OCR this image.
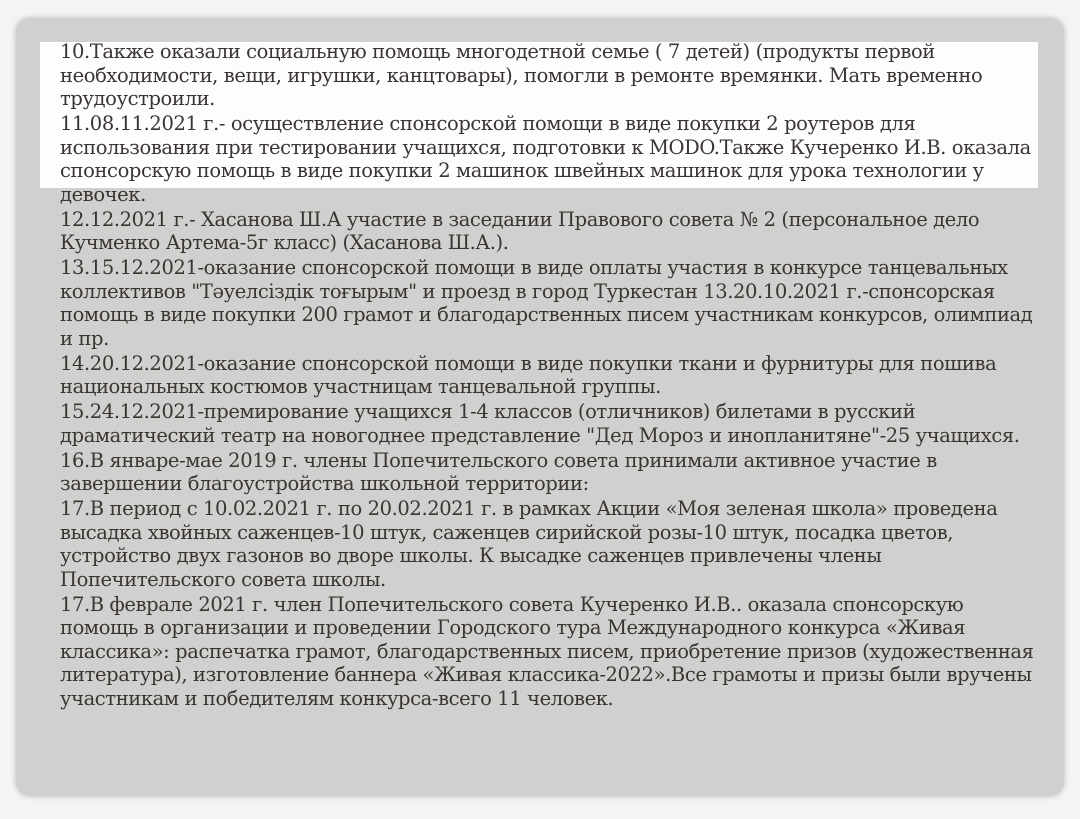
10.Также оказали социальную помощь многодетной семье ( 7 детей) (продукты первой необходимости, вещи, игрушки, канцтовары), помогли в ремонте времянки. Мать временно трудоустроили.

11.08.11.2021 г.- осуществление спонсорской помощи в виде покупки 2 роутеров для использования при тестировании учащихся, подготовки к МОDO.Также Кучеренко И.В. оказала спонсорскую помощь в виде покупки 2 машинок швейных машинок для урока технологии у девочек.

12.12.2021 г.- Хасанова Ш.А участие в заседании Правового совета № 2 (персональное дело Кучменко Артема-5г класс) (Хасанова Ш.А.).

13.15.12.2021-оказание спонсорской помощи в виде оплаты участия в конкурсе танцевальных коллективов "Тәуелсіздік тоғырым" и проезд в город Туркестан 13.20.10.2021 г.-спонсорская помощь в виде покупки 200 грамот и благодарственных писем участникам конкурсов, олимпиад и пр.

14.20.12.2021-оказание спонсорской помощи в виде покупки ткани и фурнитуры для пошива национальных костюмов участницам танцевальной группы.

15.24.12.2021-премирование учащихся 1-4 классов (отличников) билетами в русский драматический театр на новогоднее представление "Дед Мороз и инопланитяне"-25 учащихся.

16.В январе-мае 2019 г. члены Попечительского совета принимали активное участие в завершении благоустройства школьной территории:

17.В период с 10.02.2021 г. по 20.02.2021 г. в рамках Акции «Моя зеленая школа» проведена высадка хвойных саженцев-10 штук, саженцев сирийской розы-10 штук, посадка цветов, устройство двух газонов во дворе школы. К высадке саженцев привлечены члены Попечительского совета школы.

17.В феврале 2021 г. член Попечительского совета Кучеренко И.В.. оказала спонсорскую помощь в организации и проведении Городского тура Международного конкурса «Живая классика»: распечатка грамот, благодарственных писем, приобретение призов (художественная литература), изготовление баннера «Живая классика-2022».Все грамоты и призы были вручены участникам и победителям конкурса-всего 11 человек.
